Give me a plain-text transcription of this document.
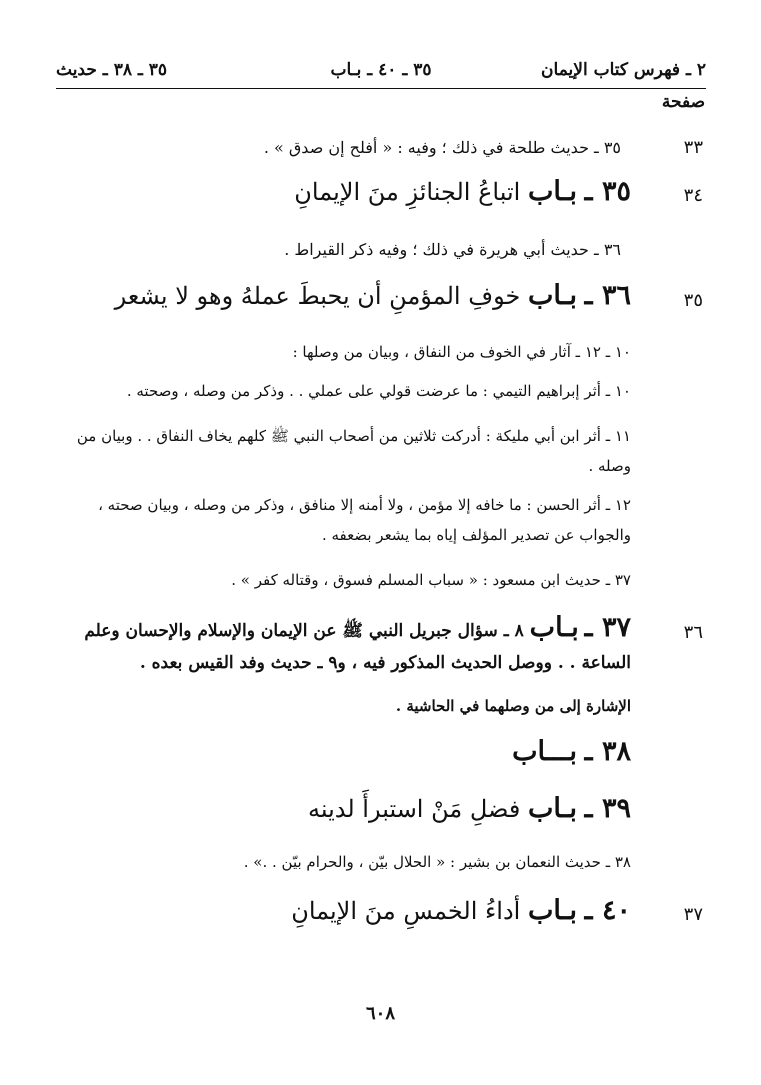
٢ ـ فهرس كتاب الإيمان
٣٥ ـ ٤٠ ـ بـاب
٣٥ ـ ٣٨ ـ حديث
صفحة
٣٣
٣٥ ـ حديث طلحة في ذلك ؛ وفيه : « أفلح إن صدق » .
٣٤
٣٥ ـ بـاب اتباعُ الجنائزِ منَ الإيمانِ
٣٦ ـ حديث أبي هريرة في ذلك ؛ وفيه ذكر القيراط .
٣٥
٣٦ ـ بـاب خوفِ المؤمنِ أن يحبطَ عملهُ وهو لا يشعر
١٠ ـ ١٢ ـ آثار في الخوف من النفاق ، وبيان من وصلها :
١٠ ـ أثر إبراهيم التيمي : ما عرضت قولي على عملي . . وذكر من وصله ، وصحته .
١١ ـ أثر ابن أبي مليكة : أدركت ثلاثين من أصحاب النبي ﷺ كلهم يخاف النفاق . . وبيان من وصله .
١٢ ـ أثر الحسن : ما خافه إلا مؤمن ، ولا أمنه إلا منافق ، وذكر من وصله ، وبيان صحته ، والجواب عن تصدير المؤلف إياه بما يشعر بضعفه .
٣٧ ـ حديث ابن مسعود : « سباب المسلم فسوق ، وقتاله كفر » .
٣٦
٣٧ ـ بـاب ٨ ـ سؤال جبريل النبي ﷺ عن الإيمان والإسلام والإحسان وعلم الساعة . . ووصل الحديث المذكور فيه ، و٩ ـ حديث وفد القيس بعده .
الإشارة إلى من وصلهما في الحاشية .
٣٨ ـ بـــاب
٣٩ ـ بـاب فضلِ مَنْ استبرأَ لدينه
٣٨ ـ حديث النعمان بن بشير : « الحلال بيّن ، والحرام بيّن . .» .
٣٧
٤٠ ـ بـاب أداءُ الخمسِ منَ الإيمانِ
٦٠٨
